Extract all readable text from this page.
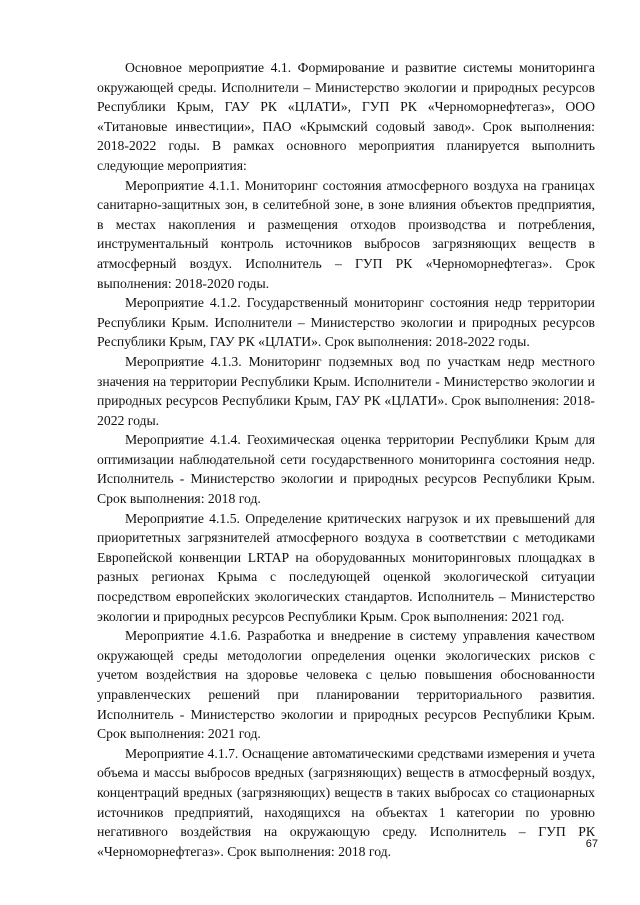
Основное мероприятие 4.1. Формирование и развитие системы мониторинга окружающей среды. Исполнители – Министерство экологии и природных ресурсов Республики Крым, ГАУ РК «ЦЛАТИ», ГУП РК «Черноморнефтегаз», ООО «Титановые инвестиции», ПАО «Крымский содовый завод». Срок выполнения: 2018-2022 годы. В рамках основного мероприятия планируется выполнить следующие мероприятия:

Мероприятие 4.1.1. Мониторинг состояния атмосферного воздуха на границах санитарно-защитных зон, в селитебной зоне, в зоне влияния объектов предприятия, в местах накопления и размещения отходов производства и потребления, инструментальный контроль источников выбросов загрязняющих веществ в атмосферный воздух. Исполнитель – ГУП РК «Черноморнефтегаз». Срок выполнения: 2018-2020 годы.

Мероприятие 4.1.2. Государственный мониторинг состояния недр территории Республики Крым. Исполнители – Министерство экологии и природных ресурсов Республики Крым, ГАУ РК «ЦЛАТИ». Срок выполнения: 2018-2022 годы.

Мероприятие 4.1.3. Мониторинг подземных вод по участкам недр местного значения на территории Республики Крым. Исполнители - Министерство экологии и природных ресурсов Республики Крым, ГАУ РК «ЦЛАТИ». Срок выполнения: 2018-2022 годы.

Мероприятие 4.1.4. Геохимическая оценка территории Республики Крым для оптимизации наблюдательной сети государственного мониторинга состояния недр. Исполнитель - Министерство экологии и природных ресурсов Республики Крым. Срок выполнения: 2018 год.

Мероприятие 4.1.5. Определение критических нагрузок и их превышений для приоритетных загрязнителей атмосферного воздуха в соответствии с методиками Европейской конвенции LRTAP на оборудованных мониторинговых площадках в разных регионах Крыма с последующей оценкой экологической ситуации посредством европейских экологических стандартов. Исполнитель – Министерство экологии и природных ресурсов Республики Крым. Срок выполнения: 2021 год.

Мероприятие 4.1.6. Разработка и внедрение в систему управления качеством окружающей среды методологии определения оценки экологических рисков с учетом воздействия на здоровье человека с целью повышения обоснованности управленческих решений при планировании территориального развития. Исполнитель - Министерство экологии и природных ресурсов Республики Крым. Срок выполнения: 2021 год.

Мероприятие 4.1.7. Оснащение автоматическими средствами измерения и учета объема и массы выбросов вредных (загрязняющих) веществ в атмосферный воздух, концентраций вредных (загрязняющих) веществ в таких выбросах со стационарных источников предприятий, находящихся на объектах 1 категории по уровню негативного воздействия на окружающую среду. Исполнитель – ГУП РК «Черноморнефтегаз». Срок выполнения: 2018 год.	67
